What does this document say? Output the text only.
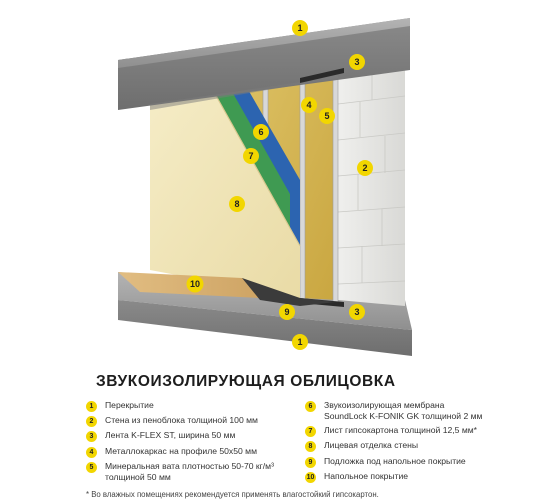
1
2
3
3
4
5
6
7
8
9
10
1
ЗВУКОИЗОЛИРУЮЩАЯ ОБЛИЦОВКА
1	Перекрытие
2	Стена из пеноблока толщиной 100 мм
3	Лента K-FLEX ST, ширина 50 мм
4	Металлокаркас на профиле 50х50 мм
5	Минеральная вата плотностью 50-70 кг/м³
толщиной 50 мм
6	Звукоизолирующая мембрана
SoundLock K-FONIK GK толщиной 2 мм
7	Лист гипсокартона толщиной 12,5 мм*
8	Лицевая отделка стены
9	Подложка под напольное покрытие
10 Напольное покрытие
* Во влажных помещениях рекомендуется применять влагостойкий гипсокартон.
